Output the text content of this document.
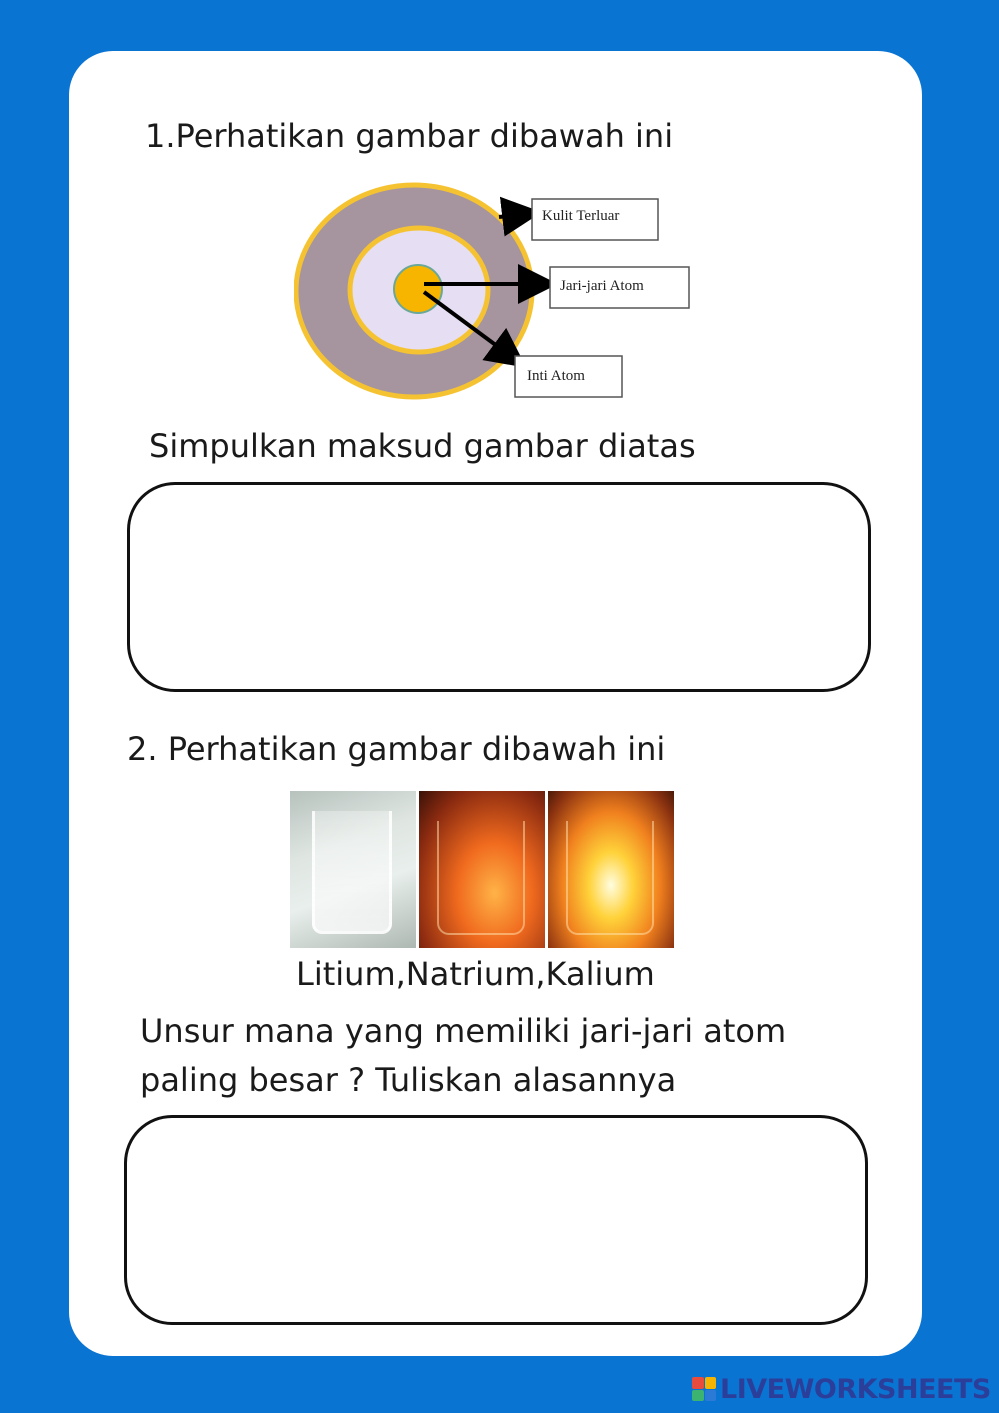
1.Perhatikan gambar dibawah ini

Kulit Terluar
Jari-jari Atom
Inti Atom

Simpulkan maksud gambar diatas

2. Perhatikan gambar dibawah ini

Litium,Natrium,Kalium

Unsur mana yang memiliki jari-jari atom

paling besar ? Tuliskan alasannya

LIVEWORKSHEETS
